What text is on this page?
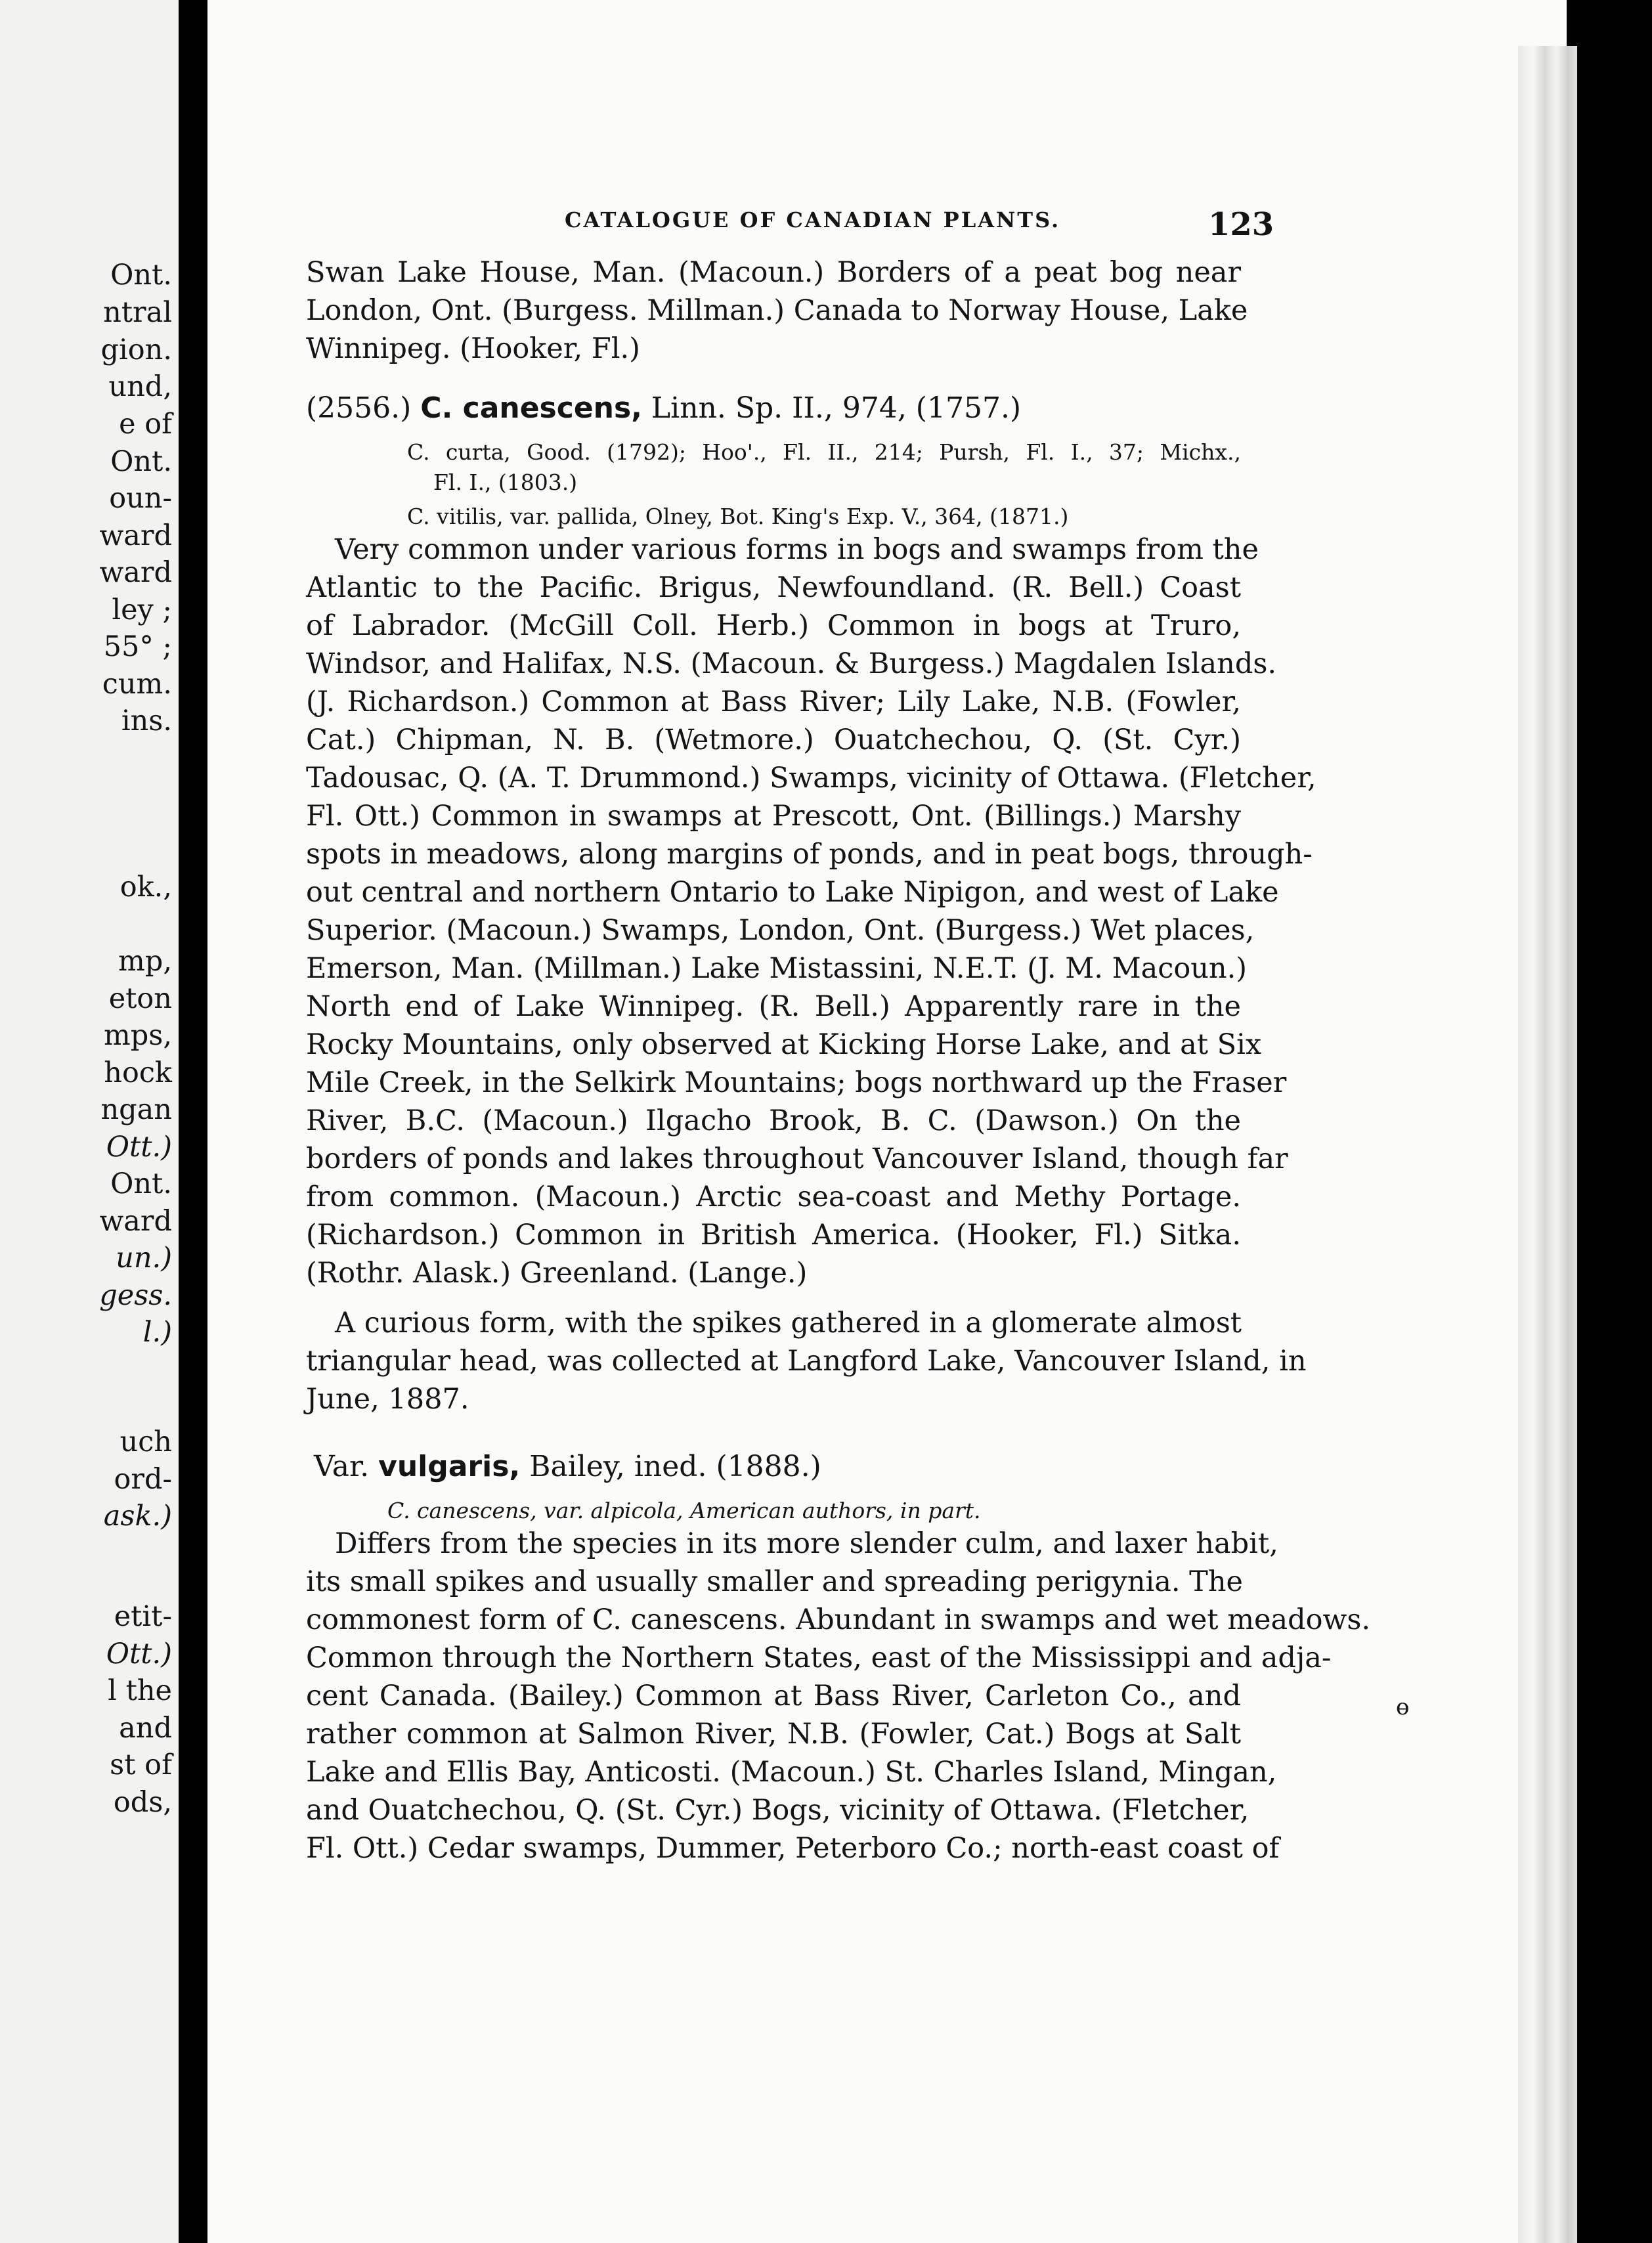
Ont.
ntral
gion.
und,
e of
Ont.
oun-
ward
ward
ley ;
55° ;
cum.
ins.
ok.,
mp,
eton
mps,
hock
ngan
Ott.)
Ont.
ward
un.)
gess.
l.)
uch
ord-
ask.)
etit-
Ott.)
l the
and
st of
ods,
CATALOGUE OF CANADIAN PLANTS.	123
Swan Lake House, Man. (Macoun.) Borders of a peat bog near
London, Ont. (Burgess. Millman.) Canada to Norway House, Lake
Winnipeg. (Hooker, Fl.)
(2556.) C. canescens, Linn. Sp. II., 974, (1757.)
C. curta, Good. (1792); Hoo'., Fl. II., 214; Pursh, Fl. I., 37; Michx.,
Fl. I., (1803.)
C. vitilis, var. pallida, Olney, Bot. King's Exp. V., 364, (1871.)
Very common under various forms in bogs and swamps from the
Atlantic to the Pacific. Brigus, Newfoundland. (R. Bell.) Coast
of Labrador. (McGill Coll. Herb.) Common in bogs at Truro,
Windsor, and Halifax, N.S. (Macoun. & Burgess.) Magdalen Islands.
(J. Richardson.) Common at Bass River; Lily Lake, N.B. (Fowler,
Cat.) Chipman, N. B. (Wetmore.) Ouatchechou, Q. (St. Cyr.)
Tadousac, Q. (A. T. Drummond.) Swamps, vicinity of Ottawa. (Fletcher,
Fl. Ott.) Common in swamps at Prescott, Ont. (Billings.) Marshy
spots in meadows, along margins of ponds, and in peat bogs, through-
out central and northern Ontario to Lake Nipigon, and west of Lake
Superior. (Macoun.) Swamps, London, Ont. (Burgess.) Wet places,
Emerson, Man. (Millman.) Lake Mistassini, N.E.T. (J. M. Macoun.)
North end of Lake Winnipeg. (R. Bell.) Apparently rare in the
Rocky Mountains, only observed at Kicking Horse Lake, and at Six
Mile Creek, in the Selkirk Mountains; bogs northward up the Fraser
River, B.C. (Macoun.) Ilgacho Brook, B. C. (Dawson.) On the
borders of ponds and lakes throughout Vancouver Island, though far
from common. (Macoun.) Arctic sea-coast and Methy Portage.
(Richardson.) Common in British America. (Hooker, Fl.) Sitka.
(Rothr. Alask.) Greenland. (Lange.)
A curious form, with the spikes gathered in a glomerate almost
triangular head, was collected at Langford Lake, Vancouver Island, in
June, 1887.
Var. vulgaris, Bailey, ined. (1888.)
C. canescens, var. alpicola, American authors, in part.
Differs from the species in its more slender culm, and laxer habit,
its small spikes and usually smaller and spreading perigynia. The
commonest form of C. canescens. Abundant in swamps and wet meadows.
Common through the Northern States, east of the Mississippi and adja-
cent Canada. (Bailey.) Common at Bass River, Carleton Co., and
rather common at Salmon River, N.B. (Fowler, Cat.) Bogs at Salt
Lake and Ellis Bay, Anticosti. (Macoun.) St. Charles Island, Mingan,
and Ouatchechou, Q. (St. Cyr.) Bogs, vicinity of Ottawa. (Fletcher,
Fl. Ott.) Cedar swamps, Dummer, Peterboro Co.; north-east coast of
ɵ
